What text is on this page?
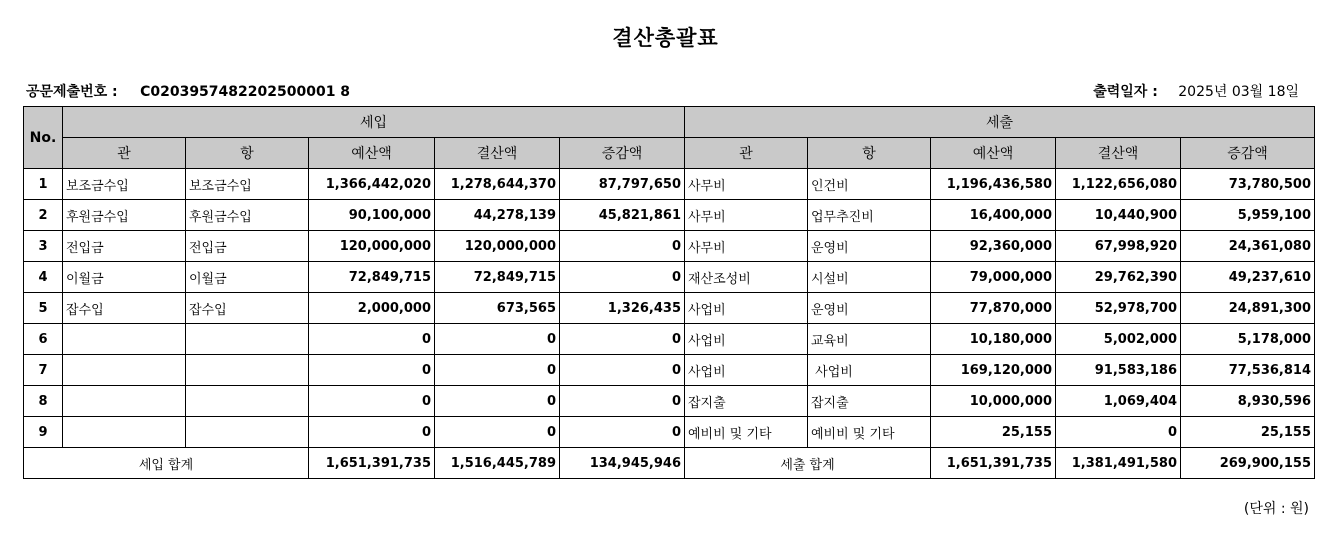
결산총괄표
공문제출번호 : C0203957482202500001 8	출력일자 : 2025년 03월 18일
No.	세입					세출				
	관	항	예산액	결산액	증감액	관	항	예산액	결산액	증감액
1	보조금수입	보조금수입	1,366,442,020	1,278,644,370	87,797,650	사무비	인건비	1,196,436,580	1,122,656,080	73,780,500
2	후원금수입	후원금수입	90,100,000	44,278,139	45,821,861	사무비	업무추진비	16,400,000	10,440,900	5,959,100
3	전입금	전입금	120,000,000	120,000,000	0	사무비	운영비	92,360,000	67,998,920	24,361,080
4	이월금	이월금	72,849,715	72,849,715	0	재산조성비	시설비	79,000,000	29,762,390	49,237,610
5	잡수입	잡수입	2,000,000	673,565	1,326,435	사업비	운영비	77,870,000	52,978,700	24,891,300
6			0	0	0	사업비	교육비	10,180,000	5,002,000	5,178,000
7			0	0	0	사업비	사업비	169,120,000	91,583,186	77,536,814
8			0	0	0	잡지출	잡지출	10,000,000	1,069,404	8,930,596
9			0	0	0	예비비 및 기타	예비비 및 기타	25,155	0	25,155
세입 합계			1,651,391,735	1,516,445,789	134,945,946	세출 합계		1,651,391,735	1,381,491,580	269,900,155
(단위 : 원)
